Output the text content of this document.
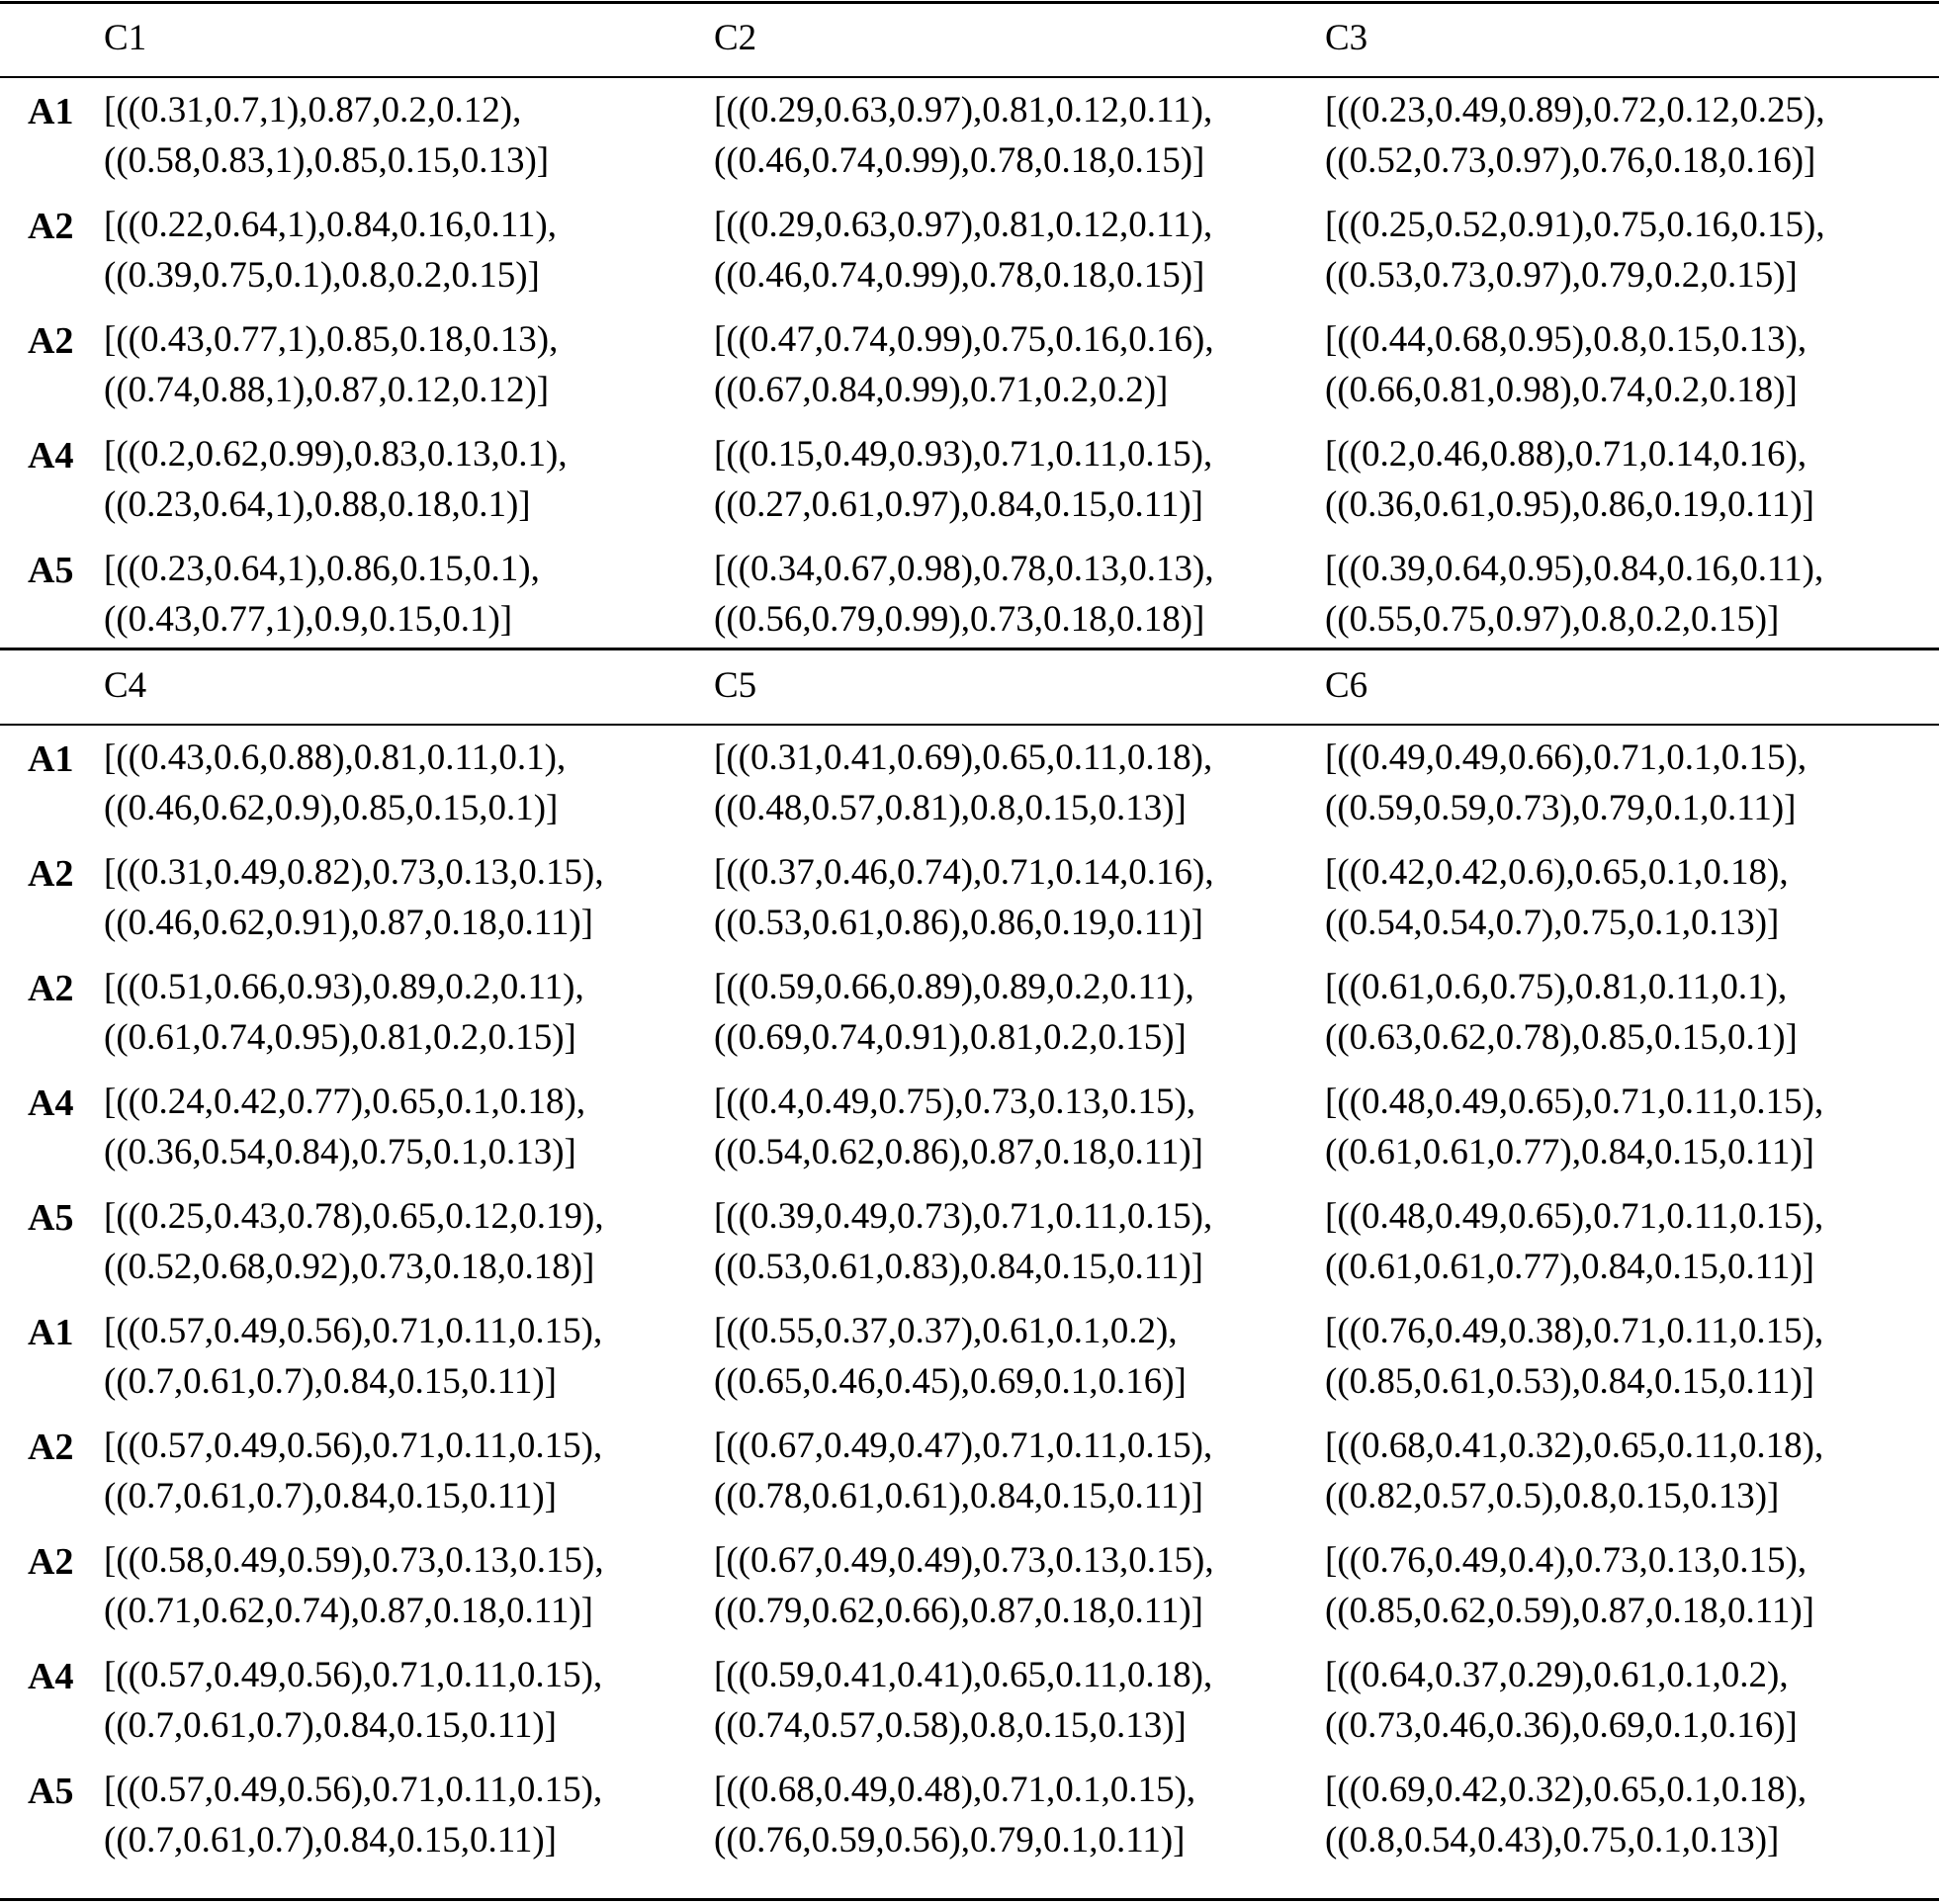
C1	C2	C3
A1 [((0.31,0.7,1),0.87,0.2,0.12),
((0.58,0.83,1),0.85,0.15,0.13)]
[((0.29,0.63,0.97),0.81,0.12,0.11),
((0.46,0.74,0.99),0.78,0.18,0.15)]
[((0.23,0.49,0.89),0.72,0.12,0.25),
((0.52,0.73,0.97),0.76,0.18,0.16)]
A2 [((0.22,0.64,1),0.84,0.16,0.11),
((0.39,0.75,0.1),0.8,0.2,0.15)]
[((0.29,0.63,0.97),0.81,0.12,0.11),
((0.46,0.74,0.99),0.78,0.18,0.15)]
[((0.25,0.52,0.91),0.75,0.16,0.15),
((0.53,0.73,0.97),0.79,0.2,0.15)]
A2 [((0.43,0.77,1),0.85,0.18,0.13),
((0.74,0.88,1),0.87,0.12,0.12)]
[((0.47,0.74,0.99),0.75,0.16,0.16),
((0.67,0.84,0.99),0.71,0.2,0.2)]
[((0.44,0.68,0.95),0.8,0.15,0.13),
((0.66,0.81,0.98),0.74,0.2,0.18)]
A4 [((0.2,0.62,0.99),0.83,0.13,0.1),
((0.23,0.64,1),0.88,0.18,0.1)]
[((0.15,0.49,0.93),0.71,0.11,0.15),
((0.27,0.61,0.97),0.84,0.15,0.11)]
[((0.2,0.46,0.88),0.71,0.14,0.16),
((0.36,0.61,0.95),0.86,0.19,0.11)]
A5 [((0.23,0.64,1),0.86,0.15,0.1),
((0.43,0.77,1),0.9,0.15,0.1)]
[((0.34,0.67,0.98),0.78,0.13,0.13),
((0.56,0.79,0.99),0.73,0.18,0.18)]
[((0.39,0.64,0.95),0.84,0.16,0.11),
((0.55,0.75,0.97),0.8,0.2,0.15)]
C4	C5	C6
A1 [((0.43,0.6,0.88),0.81,0.11,0.1),
((0.46,0.62,0.9),0.85,0.15,0.1)]
[((0.31,0.41,0.69),0.65,0.11,0.18),
((0.48,0.57,0.81),0.8,0.15,0.13)]
[((0.49,0.49,0.66),0.71,0.1,0.15),
((0.59,0.59,0.73),0.79,0.1,0.11)]
A2 [((0.31,0.49,0.82),0.73,0.13,0.15),
((0.46,0.62,0.91),0.87,0.18,0.11)]
[((0.37,0.46,0.74),0.71,0.14,0.16),
((0.53,0.61,0.86),0.86,0.19,0.11)]
[((0.42,0.42,0.6),0.65,0.1,0.18),
((0.54,0.54,0.7),0.75,0.1,0.13)]
A2 [((0.51,0.66,0.93),0.89,0.2,0.11),
((0.61,0.74,0.95),0.81,0.2,0.15)]
[((0.59,0.66,0.89),0.89,0.2,0.11),
((0.69,0.74,0.91),0.81,0.2,0.15)]
[((0.61,0.6,0.75),0.81,0.11,0.1),
((0.63,0.62,0.78),0.85,0.15,0.1)]
A4 [((0.24,0.42,0.77),0.65,0.1,0.18),
((0.36,0.54,0.84),0.75,0.1,0.13)]
[((0.4,0.49,0.75),0.73,0.13,0.15),
((0.54,0.62,0.86),0.87,0.18,0.11)]
[((0.48,0.49,0.65),0.71,0.11,0.15),
((0.61,0.61,0.77),0.84,0.15,0.11)]
A5 [((0.25,0.43,0.78),0.65,0.12,0.19),
((0.52,0.68,0.92),0.73,0.18,0.18)]
[((0.39,0.49,0.73),0.71,0.11,0.15),
((0.53,0.61,0.83),0.84,0.15,0.11)]
[((0.48,0.49,0.65),0.71,0.11,0.15),
((0.61,0.61,0.77),0.84,0.15,0.11)]
A1 [((0.57,0.49,0.56),0.71,0.11,0.15),
((0.7,0.61,0.7),0.84,0.15,0.11)]
[((0.55,0.37,0.37),0.61,0.1,0.2),
((0.65,0.46,0.45),0.69,0.1,0.16)]
[((0.76,0.49,0.38),0.71,0.11,0.15),
((0.85,0.61,0.53),0.84,0.15,0.11)]
A2 [((0.57,0.49,0.56),0.71,0.11,0.15),
((0.7,0.61,0.7),0.84,0.15,0.11)]
[((0.67,0.49,0.47),0.71,0.11,0.15),
((0.78,0.61,0.61),0.84,0.15,0.11)]
[((0.68,0.41,0.32),0.65,0.11,0.18),
((0.82,0.57,0.5),0.8,0.15,0.13)]
A2 [((0.58,0.49,0.59),0.73,0.13,0.15),
((0.71,0.62,0.74),0.87,0.18,0.11)]
[((0.67,0.49,0.49),0.73,0.13,0.15),
((0.79,0.62,0.66),0.87,0.18,0.11)]
[((0.76,0.49,0.4),0.73,0.13,0.15),
((0.85,0.62,0.59),0.87,0.18,0.11)]
A4 [((0.57,0.49,0.56),0.71,0.11,0.15),
((0.7,0.61,0.7),0.84,0.15,0.11)]
[((0.59,0.41,0.41),0.65,0.11,0.18),
((0.74,0.57,0.58),0.8,0.15,0.13)]
[((0.64,0.37,0.29),0.61,0.1,0.2),
((0.73,0.46,0.36),0.69,0.1,0.16)]
A5 [((0.57,0.49,0.56),0.71,0.11,0.15),
((0.7,0.61,0.7),0.84,0.15,0.11)]
[((0.68,0.49,0.48),0.71,0.1,0.15),
((0.76,0.59,0.56),0.79,0.1,0.11)]
[((0.69,0.42,0.32),0.65,0.1,0.18),
((0.8,0.54,0.43),0.75,0.1,0.13)]
